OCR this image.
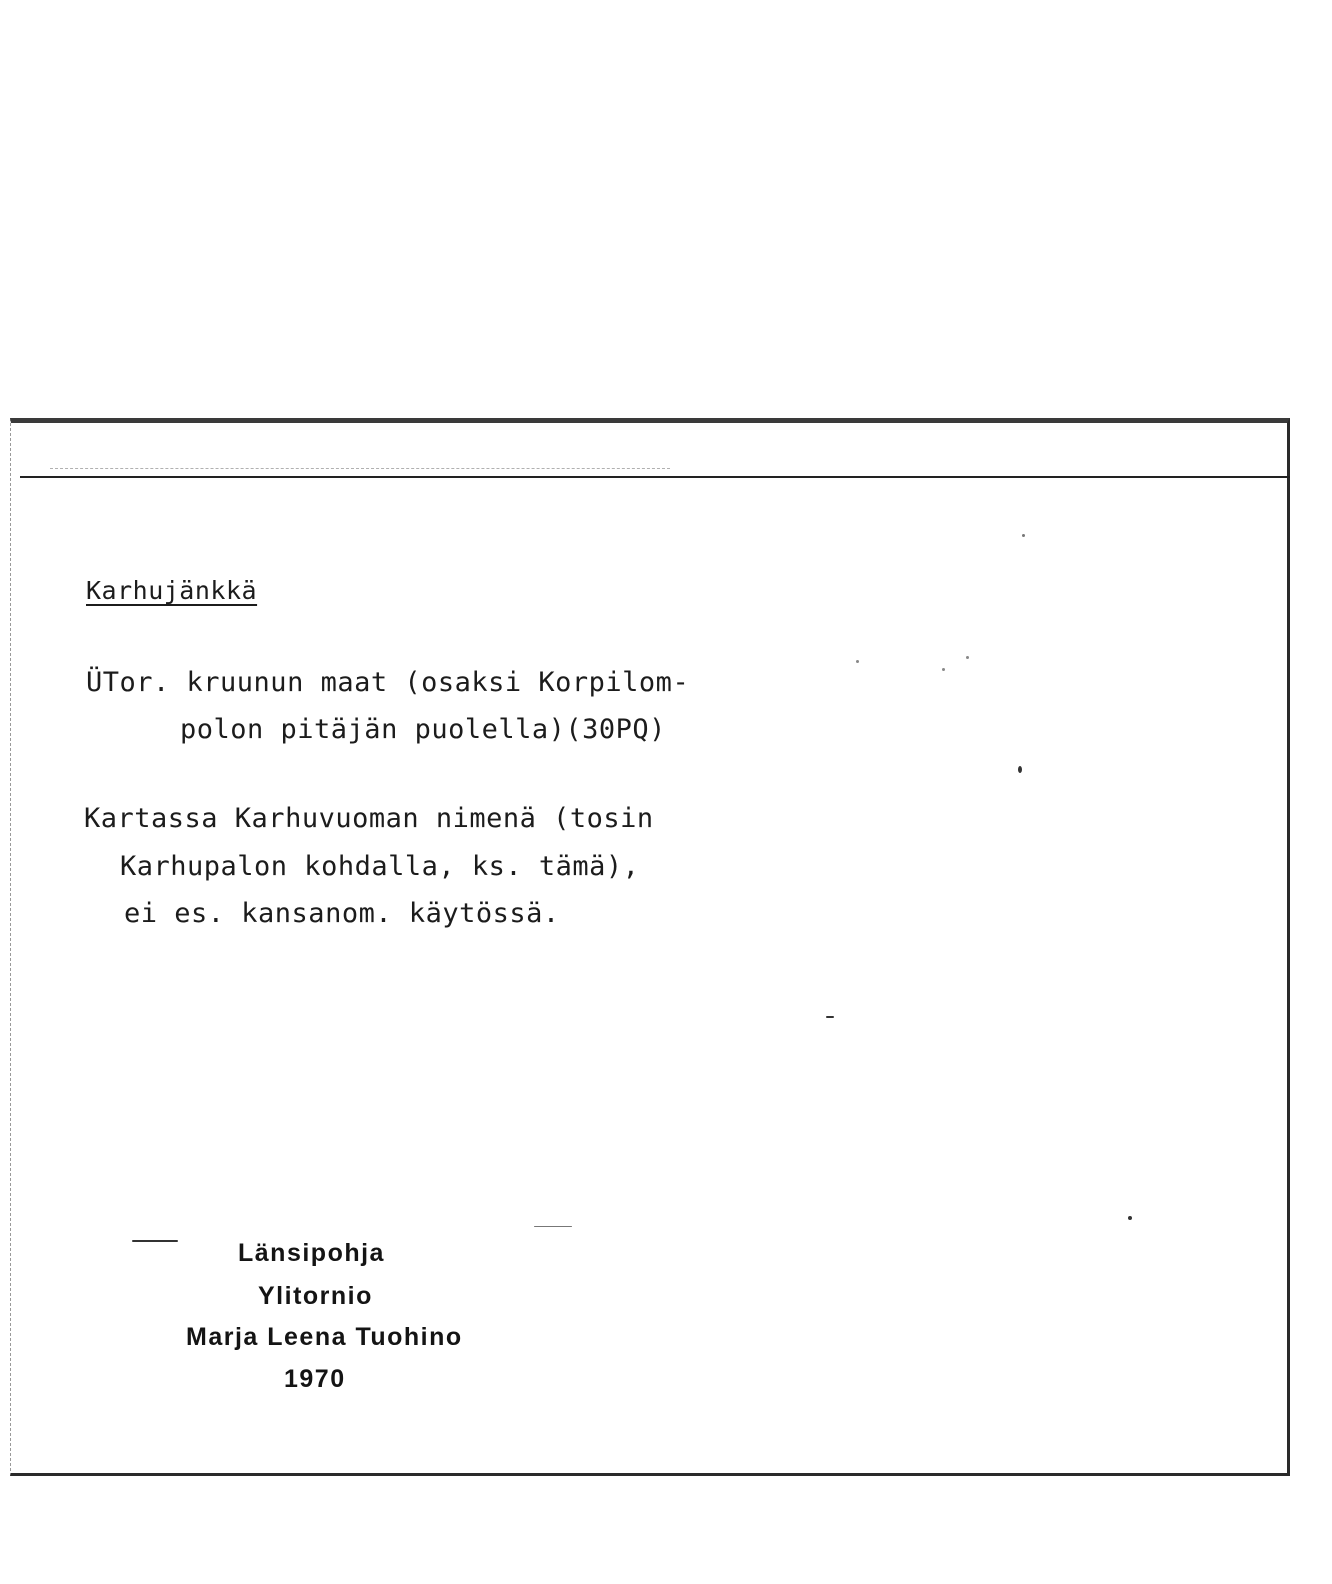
Karhujänkkä

ÜTor. kruunun maat (osaksi Korpilom-

polon pitäjän puolella)(30PQ)

Kartassa Karhuvuoman nimenä (tosin

Karhupalon kohdalla, ks. tämä),

ei es. kansanom. käytössä.

Länsipohja
Ylitornio
Marja Leena Tuohino
1970
